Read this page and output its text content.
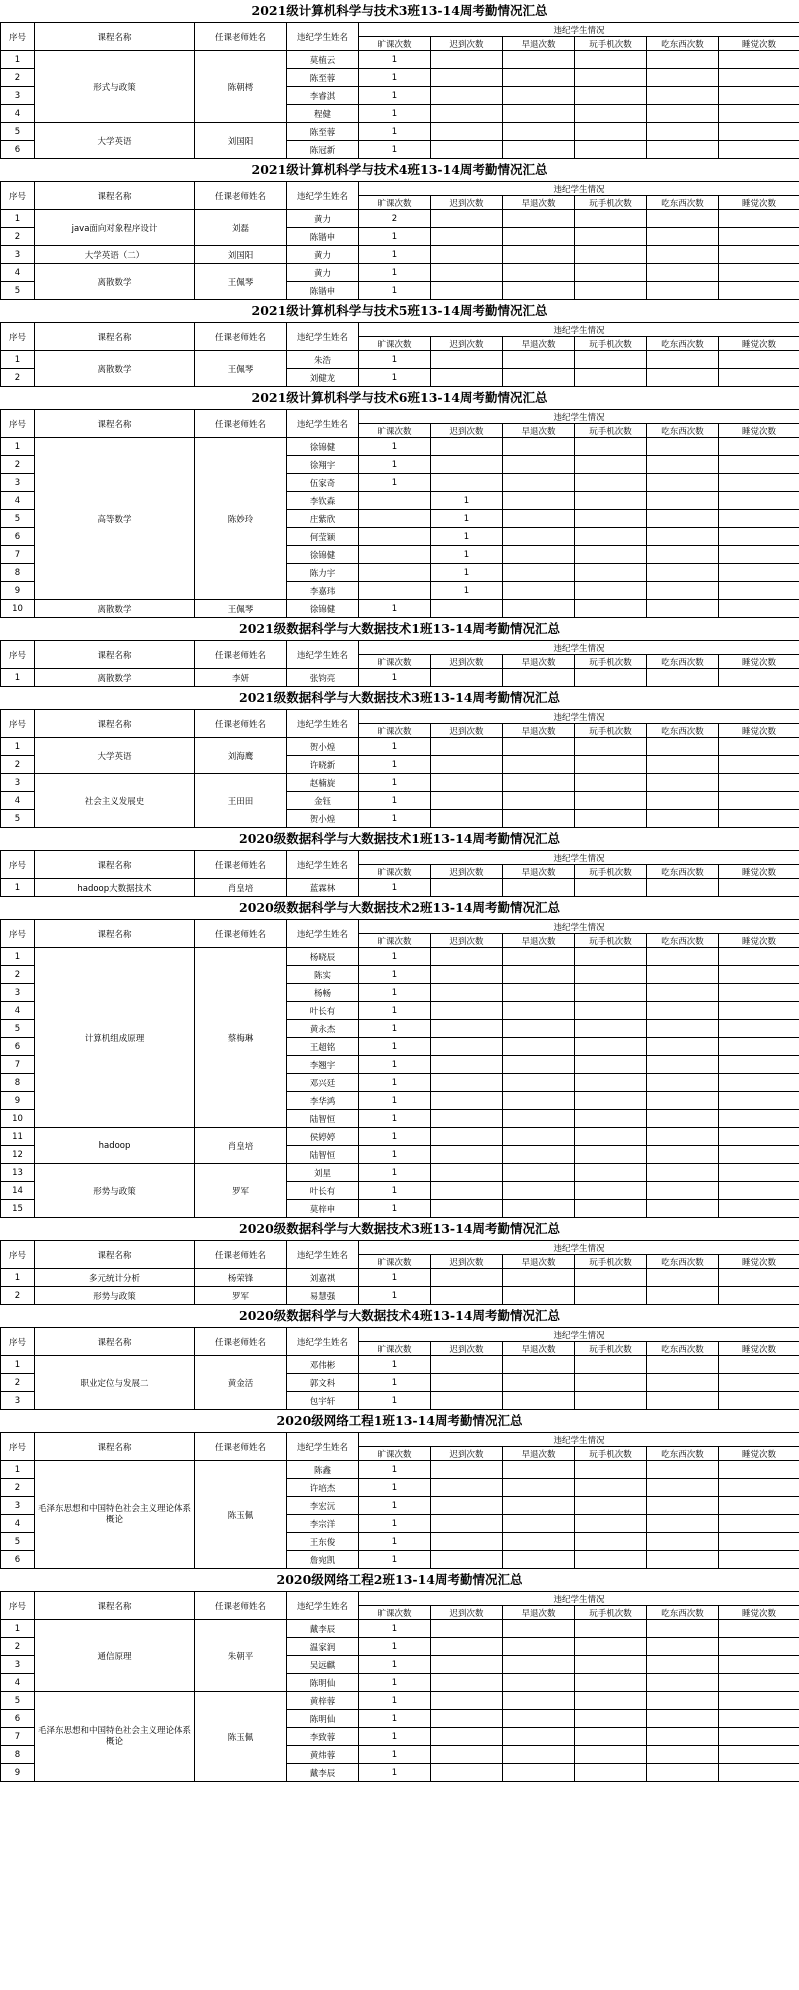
2021级计算机科学与技术3班13-14周考勤情况汇总
序号	课程名称	任课老师姓名	违纪学生姓名	违纪学生情况					
				旷课次数	迟到次数	早退次数	玩手机次数	吃东西次数	睡觉次数
1	形式与政策	陈朝樗	莫植云	1					
2			陈至蓉	1					
3			李睿淇	1					
4			程健	1					
5	大学英语	刘国阳	陈至蓉	1					
6			陈冠新	1					
2021级计算机科学与技术4班13-14周考勤情况汇总
序号	课程名称	任课老师姓名	违纪学生姓名	违纪学生情况					
				旷课次数	迟到次数	早退次数	玩手机次数	吃东西次数	睡觉次数
1	java面向对象程序设计	刘磊	黄力	2					
2			陈锴申	1					
3	大学英语（二）	刘国阳	黄力	1					
4	离散数学	王佩琴	黄力	1					
5			陈锴申	1					
2021级计算机科学与技术5班13-14周考勤情况汇总
序号	课程名称	任课老师姓名	违纪学生姓名	违纪学生情况					
				旷课次数	迟到次数	早退次数	玩手机次数	吃东西次数	睡觉次数
1	离散数学	王佩琴	朱浩	1					
2			刘健龙	1					
2021级计算机科学与技术6班13-14周考勤情况汇总
序号	课程名称	任课老师姓名	违纪学生姓名	违纪学生情况					
				旷课次数	迟到次数	早退次数	玩手机次数	吃东西次数	睡觉次数
1	高等数学	陈妙玲	徐锦健	1					
2			徐翔宇	1					
3			伍家奇	1					
4			李钦森		1				
5			庄紫欣		1				
6			何莹颖		1				
7			徐锦健		1				
8			陈力宇		1				
9			李嘉玮		1				
10	离散数学	王佩琴	徐锦健	1					
2021级数据科学与大数据技术1班13-14周考勤情况汇总
序号	课程名称	任课老师姓名	违纪学生姓名	违纪学生情况					
				旷课次数	迟到次数	早退次数	玩手机次数	吃东西次数	睡觉次数
1	离散数学	李妍	张钧亮	1					
2021级数据科学与大数据技术3班13-14周考勤情况汇总
序号	课程名称	任课老师姓名	违纪学生姓名	违纪学生情况					
				旷课次数	迟到次数	早退次数	玩手机次数	吃东西次数	睡觉次数
1	大学英语	刘海鹰	贺小煌	1					
2			许晓新	1					
3	社会主义发展史	王田田	赵楠旋	1					
4			金钰	1					
5			贺小煌	1					
2020级数据科学与大数据技术1班13-14周考勤情况汇总
序号	课程名称	任课老师姓名	违纪学生姓名	违纪学生情况					
				旷课次数	迟到次数	早退次数	玩手机次数	吃东西次数	睡觉次数
1	hadoop大数据技术	肖皇培	蓝霖林	1					
2020级数据科学与大数据技术2班13-14周考勤情况汇总
序号	课程名称	任课老师姓名	违纪学生姓名	违纪学生情况					
				旷课次数	迟到次数	早退次数	玩手机次数	吃东西次数	睡觉次数
1	计算机组成原理	蔡梅琳	杨晓辰	1					
2			陈实	1					
3			杨畅	1					
4			叶长有	1					
5			黄永杰	1					
6			王超铭	1					
7			李翘宇	1					
8			邓兴廷	1					
9			李华鸿	1					
10			陆智恒	1					
11	hadoop	肖皇培	侯婷婷	1					
12			陆智恒	1					
13	形势与政策	罗军	刘星	1					
14			叶长有	1					
15			莫梓申	1					
2020级数据科学与大数据技术3班13-14周考勤情况汇总
序号	课程名称	任课老师姓名	违纪学生姓名	违纪学生情况					
				旷课次数	迟到次数	早退次数	玩手机次数	吃东西次数	睡觉次数
1	多元统计分析	杨荣锋	刘嘉祺	1					
2	形势与政策	罗军	易慧强	1					
2020级数据科学与大数据技术4班13-14周考勤情况汇总
序号	课程名称	任课老师姓名	违纪学生姓名	违纪学生情况					
				旷课次数	迟到次数	早退次数	玩手机次数	吃东西次数	睡觉次数
1	职业定位与发展二	黄金活	邓伟彬	1					
2			郭文科	1					
3			包宇轩	1					
2020级网络工程1班13-14周考勤情况汇总
序号	课程名称	任课老师姓名	违纪学生姓名	违纪学生情况					
				旷课次数	迟到次数	早退次数	玩手机次数	吃东西次数	睡觉次数
1	毛泽东思想和中国特色社会主义理论体系概论	陈玉佩	陈鑫	1					
2			许培杰	1					
3			李宏沅	1					
4			李宗洋	1					
5			王东俊	1					
6			詹宛凯	1					
2020级网络工程2班13-14周考勤情况汇总
序号	课程名称	任课老师姓名	违纪学生姓名	违纪学生情况					
				旷课次数	迟到次数	早退次数	玩手机次数	吃东西次数	睡觉次数
1	通信原理	朱朝平	戴李辰	1					
2			温家润	1					
3			吴远麒	1					
4			陈明仙	1					
5	毛泽东思想和中国特色社会主义理论体系概论	陈玉佩	黄梓蓉	1					
6			陈明仙	1					
7			李致蓉	1					
8			黄炜蓉	1					
9			戴李辰	1					
